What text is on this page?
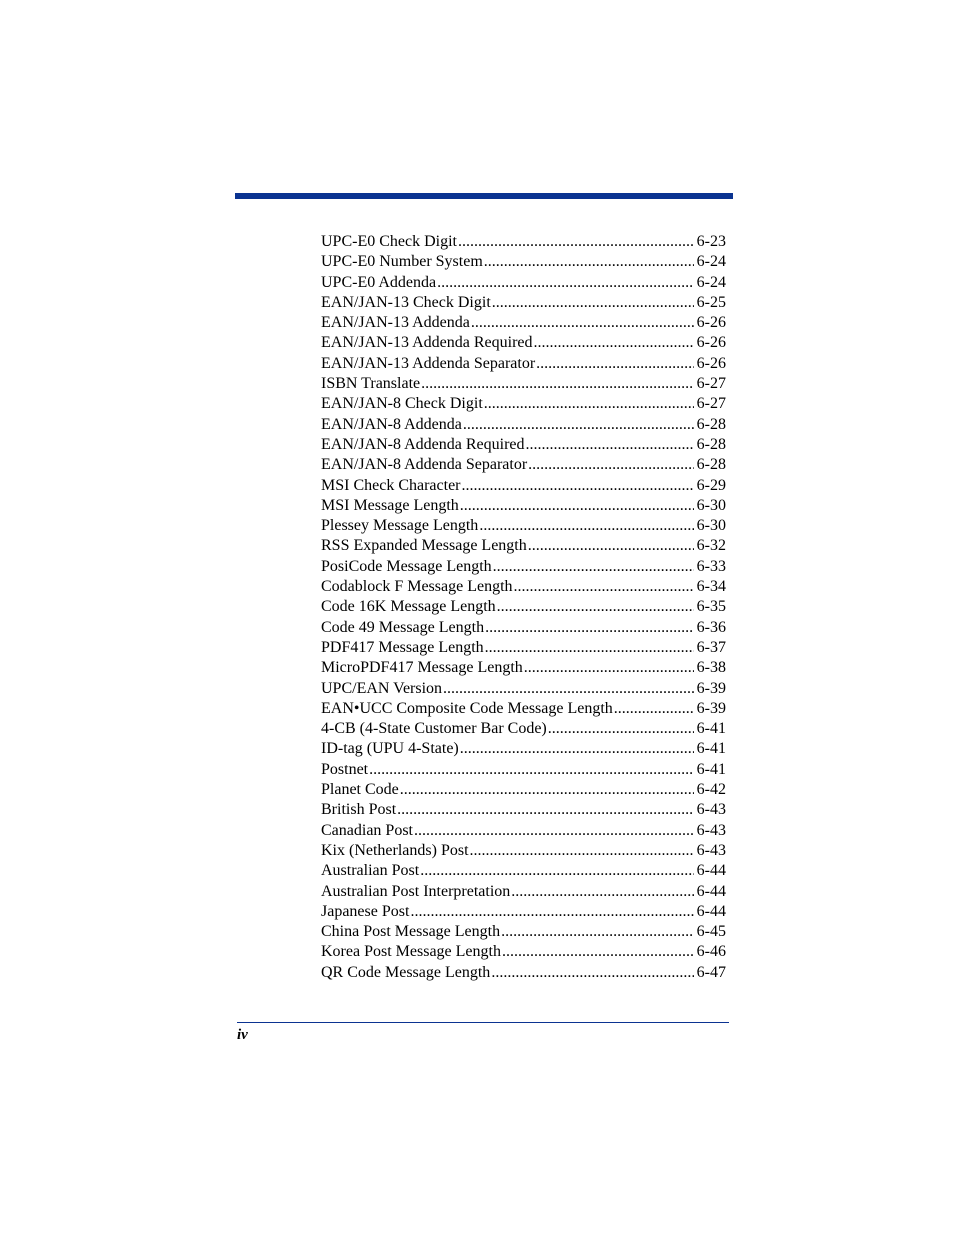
UPC-E0 Check Digit .....	6-23
UPC-E0 Number System .....	6-24
UPC-E0 Addenda .....	6-24
EAN/JAN-13 Check Digit .....	6-25
EAN/JAN-13 Addenda .....	6-26
EAN/JAN-13 Addenda Required .....	6-26
EAN/JAN-13 Addenda Separator .....	6-26
ISBN Translate .....	6-27
EAN/JAN-8 Check Digit .....	6-27
EAN/JAN-8 Addenda .....	6-28
EAN/JAN-8 Addenda Required .....	6-28
EAN/JAN-8 Addenda Separator .....	6-28
MSI Check Character .....	6-29
MSI Message Length .....	6-30
Plessey Message Length .....	6-30
RSS Expanded Message Length .....	6-32
PosiCode Message Length .....	6-33
Codablock F Message Length .....	6-34
Code 16K Message Length .....	6-35
Code 49 Message Length .....	6-36
PDF417 Message Length .....	6-37
MicroPDF417 Message Length .....	6-38
UPC/EAN Version .....	6-39
EAN•UCC Composite Code Message Length .....	6-39
4-CB (4-State Customer Bar Code) .....	6-41
ID-tag (UPU 4-State) .....	6-41
Postnet .....	6-41
Planet Code .....	6-42
British Post .....	6-43
Canadian Post .....	6-43
Kix (Netherlands) Post .....	6-43
Australian Post .....	6-44
Australian Post Interpretation .....	6-44
Japanese Post .....	6-44
China Post Message Length .....	6-45
Korea Post Message Length .....	6-46
QR Code Message Length .....	6-47
iv
